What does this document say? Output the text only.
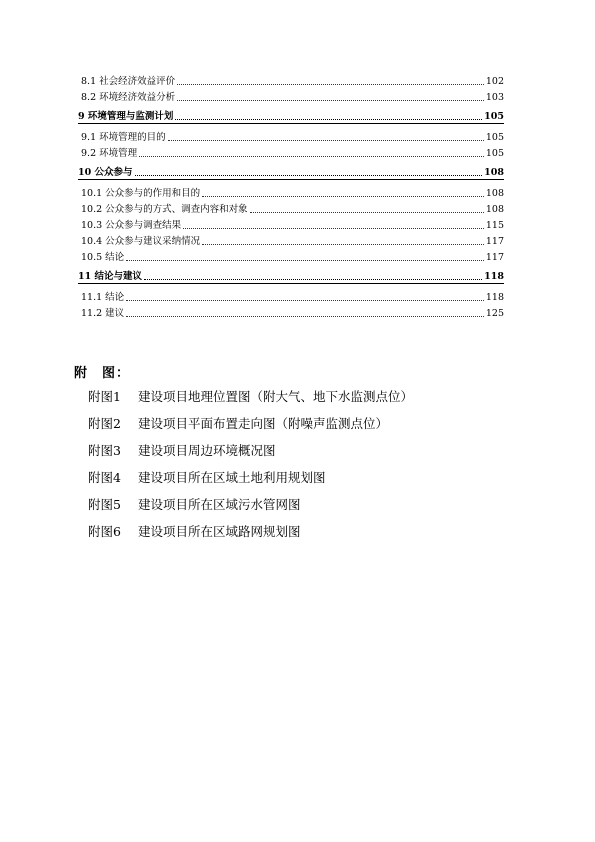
8.1 社会经济效益评价	102
8.2 环境经济效益分析	103
9 环境管理与监测计划	105
9.1 环境管理的目的	105
9.2 环境管理	105
10 公众参与	108
10.1 公众参与的作用和目的	108
10.2 公众参与的方式、调查内容和对象	108
10.3 公众参与调查结果	115
10.4 公众参与建议采纳情况	117
10.5 结论	117
11 结论与建议	118
11.1 结论	118
11.2 建议	125
附　图：
附图1	建设项目地理位置图（附大气、地下水监测点位）
附图2	建设项目平面布置走向图（附噪声监测点位）
附图3	建设项目周边环境概况图
附图4	建设项目所在区域土地利用规划图
附图5	建设项目所在区域污水管网图
附图6	建设项目所在区域路网规划图
